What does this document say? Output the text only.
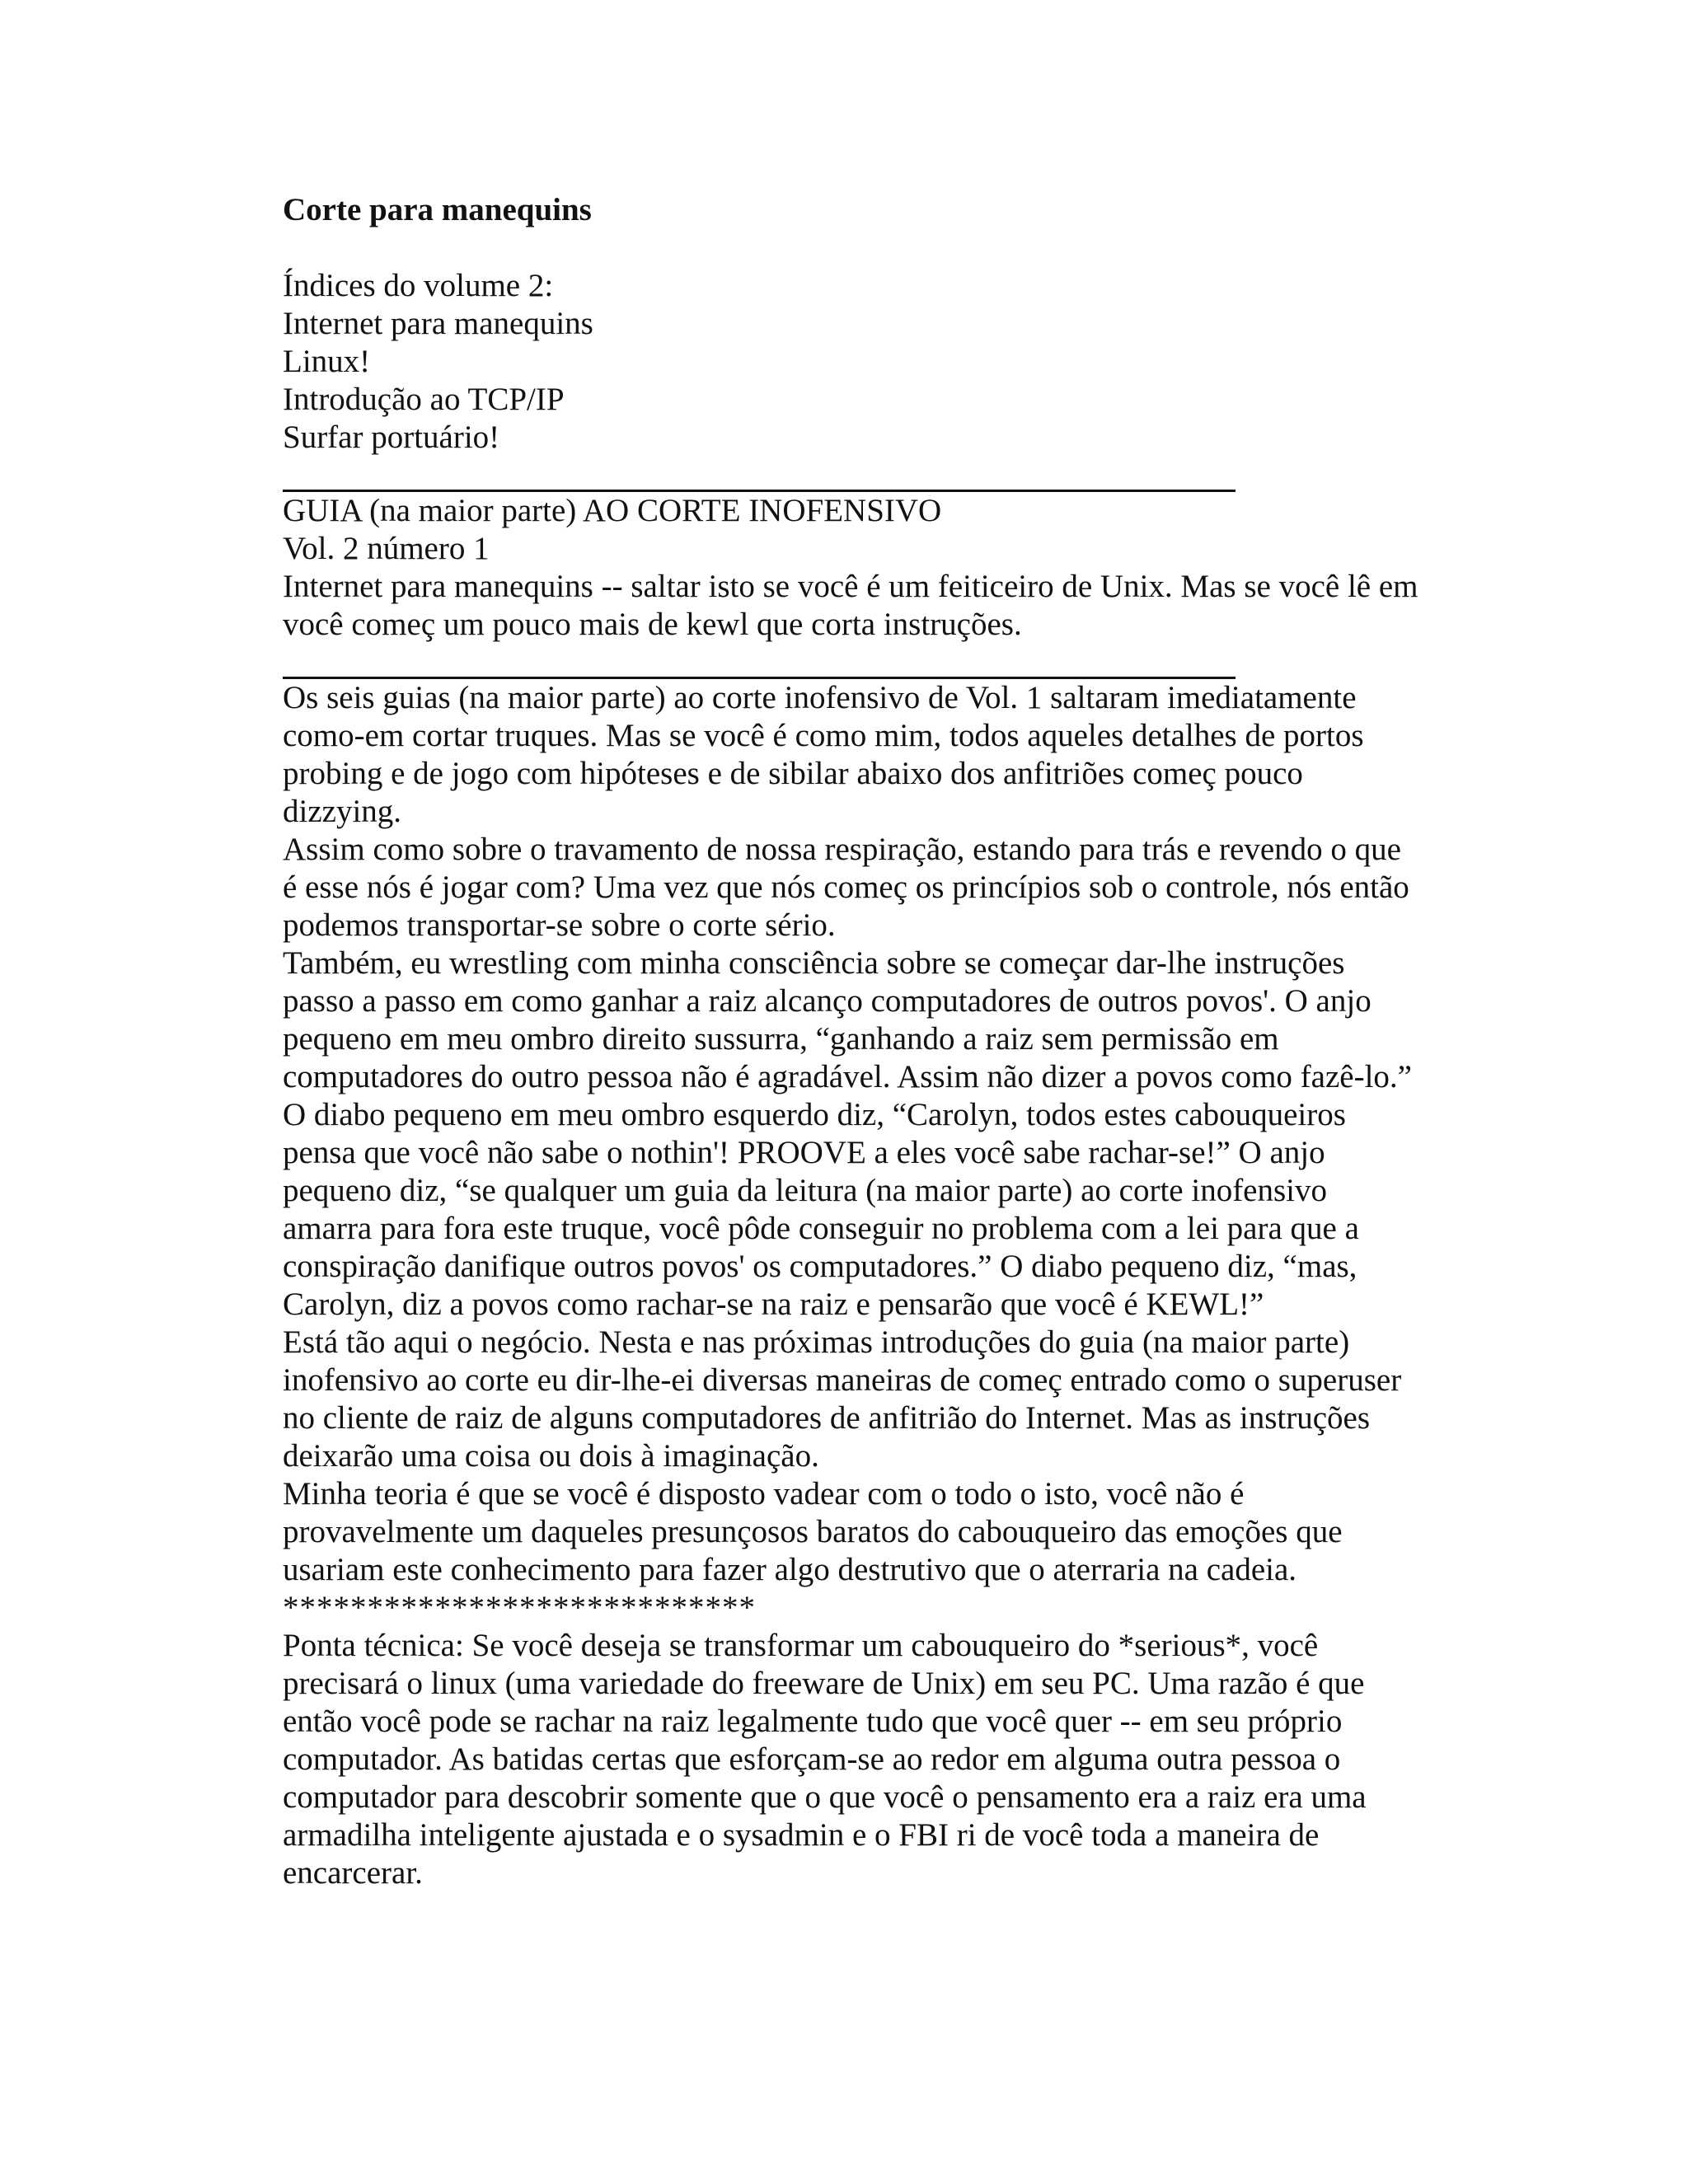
Corte para manequins

Índices do volume 2:

Internet para manequins

Linux!

Introdução ao TCP/IP

Surfar portuário!

GUIA (na maior parte) AO CORTE INOFENSIVO

Vol. 2 número 1

Internet para manequins -- saltar isto se você é um feiticeiro de Unix. Mas se você lê em você começ um pouco mais de kewl que corta instruções.

Os seis guias (na maior parte) ao corte inofensivo de Vol. 1 saltaram imediatamente como-em cortar truques. Mas se você é como mim, todos aqueles detalhes de portos probing e de jogo com hipóteses e de sibilar abaixo dos anfitriões começ pouco dizzying.

Assim como sobre o travamento de nossa respiração, estando para trás e revendo o que é esse nós é jogar com? Uma vez que nós começ os princípios sob o controle, nós então podemos transportar-se sobre o corte sério.

Também, eu wrestling com minha consciência sobre se começar dar-lhe instruções passo a passo em como ganhar a raiz alcanço computadores de outros povos'. O anjo pequeno em meu ombro direito sussurra, “ganhando a raiz sem permissão em computadores do outro pessoa não é agradável. Assim não dizer a povos como fazê-lo.” O diabo pequeno em meu ombro esquerdo diz, “Carolyn, todos estes cabouqueiros pensa que você não sabe o nothin'! PROOVE a eles você sabe rachar-se!” O anjo pequeno diz, “se qualquer um guia da leitura (na maior parte) ao corte inofensivo amarra para fora este truque, você pôde conseguir no problema com a lei para que a conspiração danifique outros povos' os computadores.” O diabo pequeno diz, “mas, Carolyn, diz a povos como rachar-se na raiz e pensarão que você é KEWL!”

Está tão aqui o negócio. Nesta e nas próximas introduções do guia (na maior parte) inofensivo ao corte eu dir-lhe-ei diversas maneiras de começ entrado como o superuser no cliente de raiz de alguns computadores de anfitrião do Internet. Mas as instruções deixarão uma coisa ou dois à imaginação.

Minha teoria é que se você é disposto vadear com o todo o isto, você não é provavelmente um daqueles presunçosos baratos do cabouqueiro das emoções que usariam este conhecimento para fazer algo destrutivo que o aterraria na cadeia.

****************************

Ponta técnica: Se você deseja se transformar um cabouqueiro do *serious*, você precisará o linux (uma variedade do freeware de Unix) em seu PC. Uma razão é que então você pode se rachar na raiz legalmente tudo que você quer -- em seu próprio computador. As batidas certas que esforçam-se ao redor em alguma outra pessoa o computador para descobrir somente que o que você o pensamento era a raiz era uma armadilha inteligente ajustada e o sysadmin e o FBI ri de você toda a maneira de encarcerar.
